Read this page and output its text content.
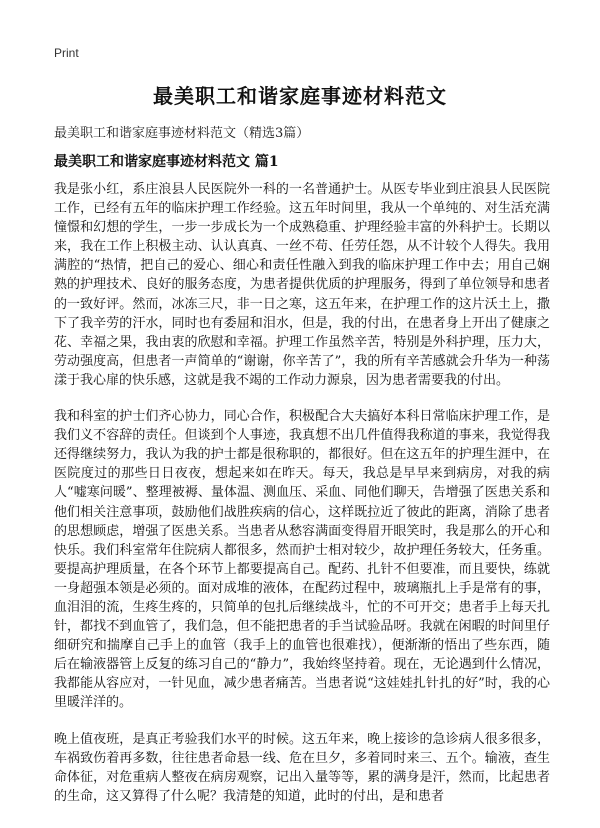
Print
最美职工和谐家庭事迹材料范文
最美职工和谐家庭事迹材料范文（精选3篇）
最美职工和谐家庭事迹材料范文 篇1

我是张小红，系庄浪县人民医院外一科的一名普通护士。从医专毕业到庄浪县人民医院工作，已经有五年的临床护理工作经验。这五年时间里，我从一个单纯的、对生活充满憧憬和幻想的学生，一步一步成长为一个成熟稳重、护理经验丰富的外科护士。长期以来，我在工作上积极主动、认认真真、一丝不苟、任劳任怨，从不计较个人得失。我用满腔的“热情，把自己的爱心、细心和责任性融入到我的临床护理工作中去；用自己娴熟的护理技术、良好的服务态度，为患者提供优质的护理服务，得到了单位领导和患者的一致好评。然而，冰冻三尺，非一日之寒，这五年来，在护理工作的这片沃土上，撒下了我辛劳的汗水，同时也有委屈和泪水，但是，我的付出，在患者身上开出了健康之花、幸福之果，我由衷的欣慰和幸福。护理工作虽然辛苦，特别是外科护理，压力大，劳动强度高，但患者一声简单的“谢谢，你辛苦了”，我的所有辛苦感就会升华为一种荡漾于我心扉的快乐感，这就是我不竭的工作动力源泉，因为患者需要我的付出。

我和科室的护士们齐心协力，同心合作，积极配合大夫搞好本科日常临床护理工作，是我们义不容辞的责任。但谈到个人事迹，我真想不出几件值得我称道的事来，我觉得我还得继续努力，我认为我的护士都是很称职的，都很好。但在这五年的护理生涯中，在医院度过的那些日日夜夜，想起来如在昨天。每天，我总是早早来到病房，对我的病人“嘘寒问暖”、整理被褥、量体温、测血压、采血、同他们聊天，告增强了医患关系和他们相关注意事项，鼓励他们战胜疾病的信心，这样既拉近了彼此的距离，消除了患者的思想顾虑，增强了医患关系。当患者从愁容满面变得眉开眼笑时，我是那么的开心和快乐。我们科室常年住院病人都很多，然而护士相对较少，故护理任务较大，任务重。要提高护理质量，在各个环节上都要提高自己。配药、扎针不但要准，而且要快，练就一身超强本领是必须的。面对成堆的液体，在配药过程中，玻璃瓶扎上手是常有的事，血泪泪的流，生疼生疼的，只简单的包扎后继续战斗，忙的不可开交；患者手上每天扎针，都找不到血管了，我们急，但不能把患者的手当试验品呀。我就在闲暇的时间里仔细研究和揣摩自己手上的血管（我手上的血管也很难找），便渐渐的悟出了些东西，随后在输液器管上反复的练习自己的“静力”，我始终坚持着。现在，无论遇到什么情况，我都能从容应对，一针见血，减少患者痛苦。当患者说“这娃娃扎针扎的好”时，我的心里暖洋洋的。

晚上值夜班，是真正考验我们水平的时候。这五年来，晚上接诊的急诊病人很多很多，车祸致伤着再多数，往往患者命悬一线、危在旦夕，多着同时来三、五个。输液，查生命体征，对危重病人整夜在病房观察，记出入量等等，累的满身是汗，然而，比起患者的生命，这又算得了什么呢？我清楚的知道，此时的付出，是和患者
